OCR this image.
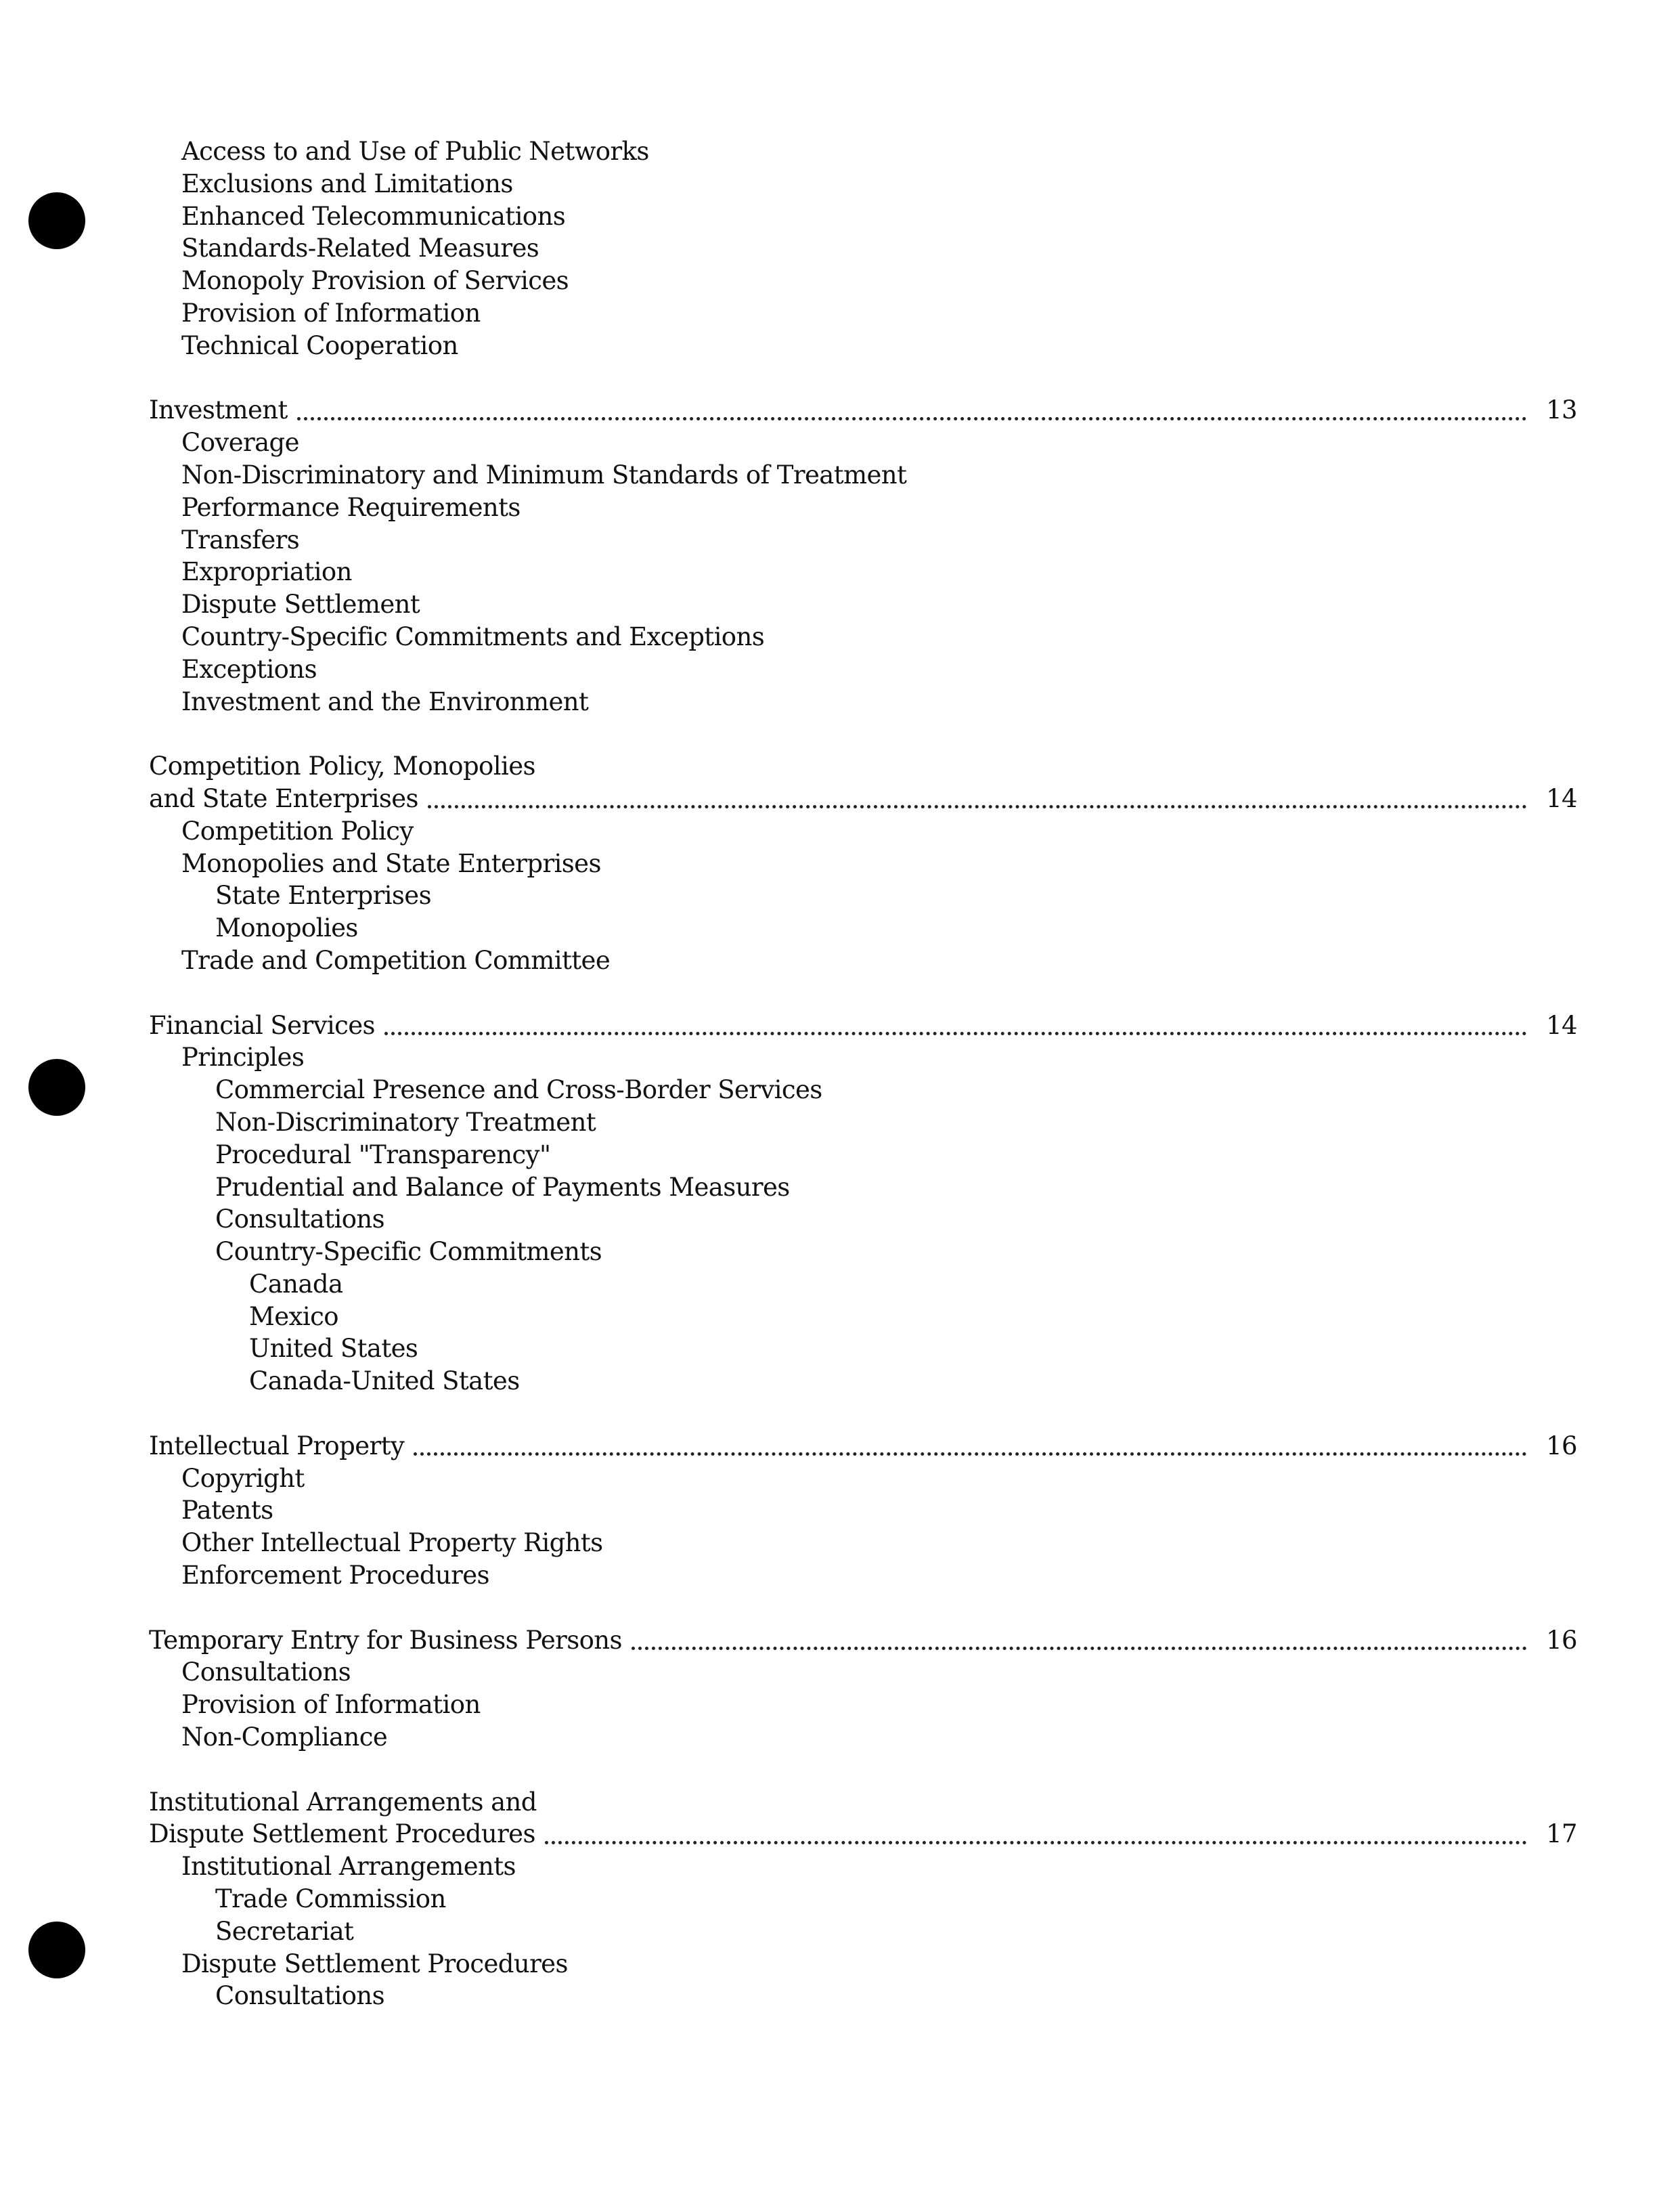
Access to and Use of Public Networks
Exclusions and Limitations
Enhanced Telecommunications
Standards-Related Measures
Monopoly Provision of Services
Provision of Information
Technical Cooperation
Investment	13
Coverage
Non-Discriminatory and Minimum Standards of Treatment
Performance Requirements
Transfers
Expropriation
Dispute Settlement
Country-Specific Commitments and Exceptions
Exceptions
Investment and the Environment
Competition Policy, Monopolies
and State Enterprises	14
Competition Policy
Monopolies and State Enterprises
State Enterprises
Monopolies
Trade and Competition Committee
Financial Services	14
Principles
Commercial Presence and Cross-Border Services
Non-Discriminatory Treatment
Procedural "Transparency"
Prudential and Balance of Payments Measures
Consultations
Country-Specific Commitments
Canada
Mexico
United States
Canada-United States
Intellectual Property	16
Copyright
Patents
Other Intellectual Property Rights
Enforcement Procedures
Temporary Entry for Business Persons	16
Consultations
Provision of Information
Non-Compliance
Institutional Arrangements and
Dispute Settlement Procedures	17
Institutional Arrangements
Trade Commission
Secretariat
Dispute Settlement Procedures
Consultations
